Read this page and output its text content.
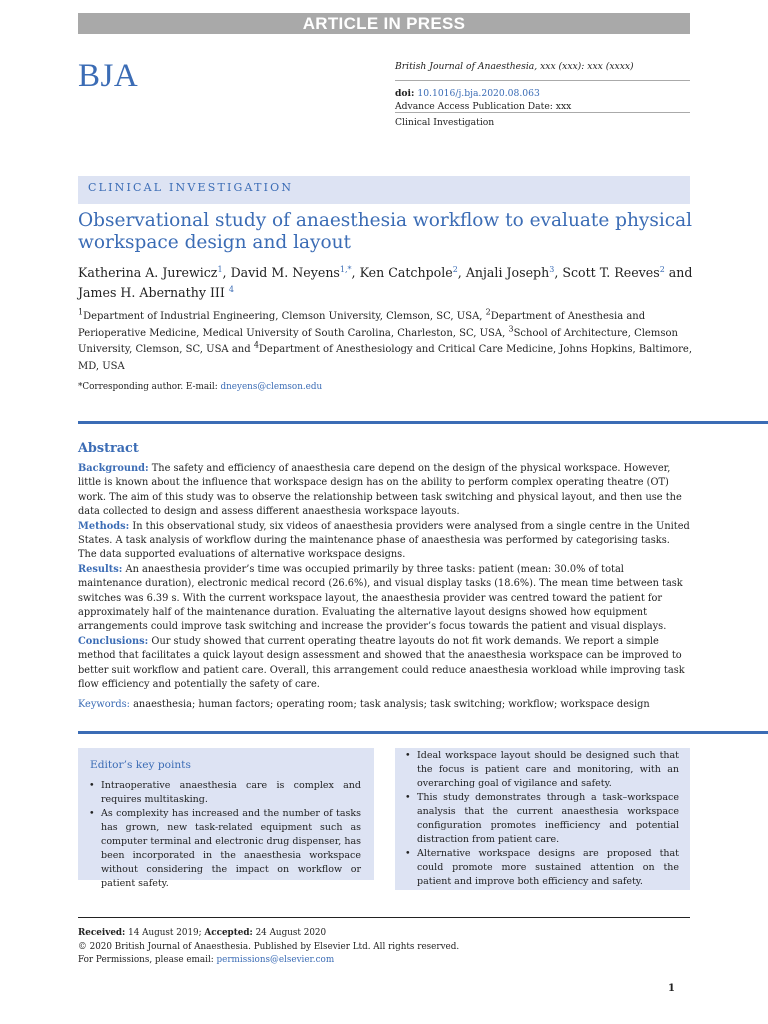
ARTICLE IN PRESS
BJA	British Journal of Anaesthesia, xxx (xxx): xxx (xxxx)
doi: 10.1016/j.bja.2020.08.063
Advance Access Publication Date: xxx
Clinical Investigation
CLINICAL INVESTIGATION
Observational study of anaesthesia workflow to evaluate physical workspace design and layout
Katherina A. Jurewicz$^1$, David M. Neyens$^{1,*}$, Ken Catchpole$^2$, Anjali Joseph$^3$, Scott T. Reeves$^2$ and James H. Abernathy III $^4$
$^1$Department of Industrial Engineering, Clemson University, Clemson, SC, USA, $^2$Department of Anesthesia and Perioperative Medicine, Medical University of South Carolina, Charleston, SC, USA, $^3$School of Architecture, Clemson University, Clemson, SC, USA and $^4$Department of Anesthesiology and Critical Care Medicine, Johns Hopkins, Baltimore, MD, USA
*Corresponding author. E-mail: dneyens@clemson.edu
Abstract

Background: The safety and efficiency of anaesthesia care depend on the design of the physical workspace. However, little is known about the influence that workspace design has on the ability to perform complex operating theatre (OT) work. The aim of this study was to observe the relationship between task switching and physical layout, and then use the data collected to design and assess different anaesthesia workspace layouts.

Methods: In this observational study, six videos of anaesthesia providers were analysed from a single centre in the United States. A task analysis of workflow during the maintenance phase of anaesthesia was performed by categorising tasks. The data supported evaluations of alternative workspace designs.

Results: An anaesthesia provider’s time was occupied primarily by three tasks: patient (mean: 30.0% of total maintenance duration), electronic medical record (26.6%), and visual display tasks (18.6%). The mean time between task switches was 6.39 s. With the current workspace layout, the anaesthesia provider was centred toward the patient for approximately half of the maintenance duration. Evaluating the alternative layout designs showed how equipment arrangements could improve task switching and increase the provider’s focus towards the patient and visual displays.

Conclusions: Our study showed that current operating theatre layouts do not fit work demands. We report a simple method that facilitates a quick layout design assessment and showed that the anaesthesia workspace can be improved to better suit workflow and patient care. Overall, this arrangement could reduce anaesthesia workload while improving task flow efficiency and potentially the safety of care.

Keywords: anaesthesia; human factors; operating room; task analysis; task switching; workflow; workspace design
Editor’s key points
• Intraoperative anaesthesia care is complex and requires multitasking.
• As complexity has increased and the number of tasks has grown, new task-related equipment such as computer terminal and electronic drug dispenser, has been incorporated in the anaesthesia workspace without considering the impact on workflow or patient safety.
• Ideal workspace layout should be designed such that the focus is patient care and monitoring, with an overarching goal of vigilance and safety.
• This study demonstrates through a task–workspace analysis that the current anaesthesia workspace configuration promotes inefficiency and potential distraction from patient care.
• Alternative workspace designs are proposed that could promote more sustained attention on the patient and improve both efficiency and safety.
Received: 14 August 2019; Accepted: 24 August 2020
© 2020 British Journal of Anaesthesia. Published by Elsevier Ltd. All rights reserved.
For Permissions, please email: permissions@elsevier.com
1
